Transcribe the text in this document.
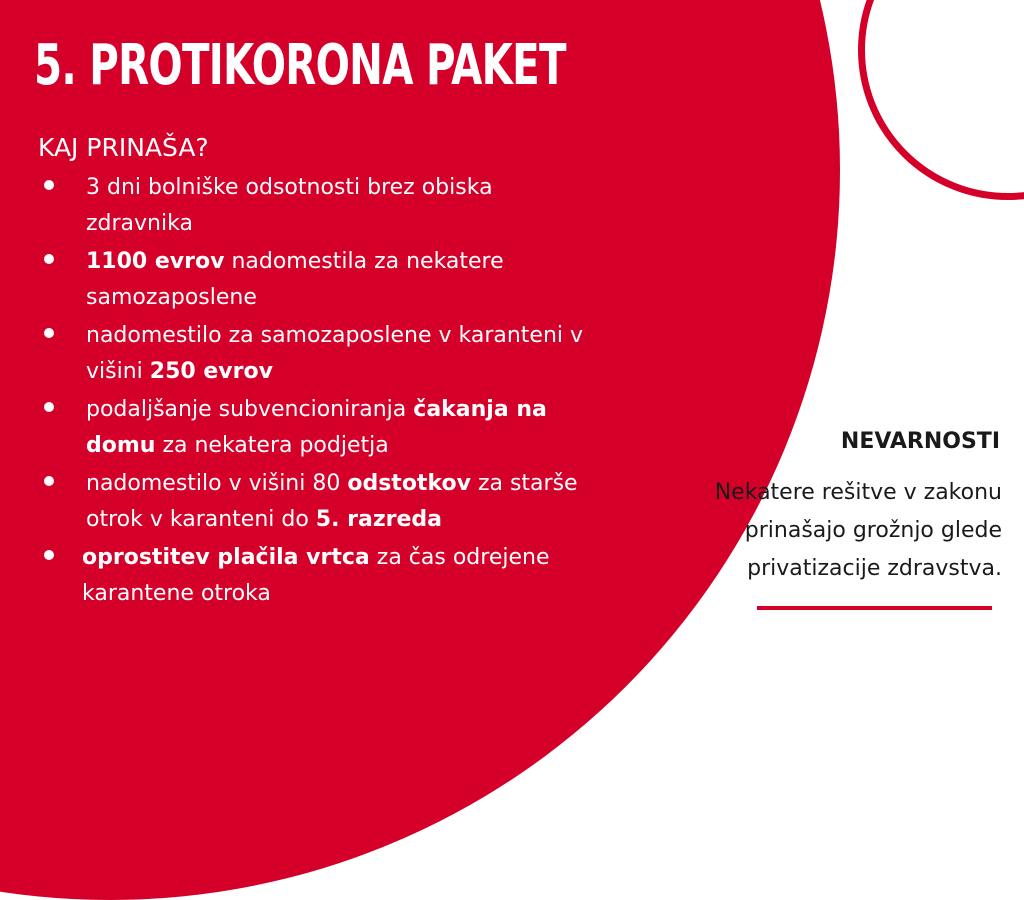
5. PROTIKORONA PAKET
KAJ PRINAŠA?
3 dni bolniške odsotnosti brez obiska zdravnika
1100 evrov nadomestila za nekatere samozaposlene
nadomestilo za samozaposlene v karanteni v višini 250 evrov
podaljšanje subvencioniranja čakanja na domu za nekatera podjetja
nadomestilo v višini 80 odstotkov za starše otrok v karanteni do 5. razreda
oprostitev plačila vrtca za čas odrejene karantene otroka
NEVARNOSTI
Nekatere rešitve v zakonu prinašajo grožnjo glede privatizacije zdravstva.
